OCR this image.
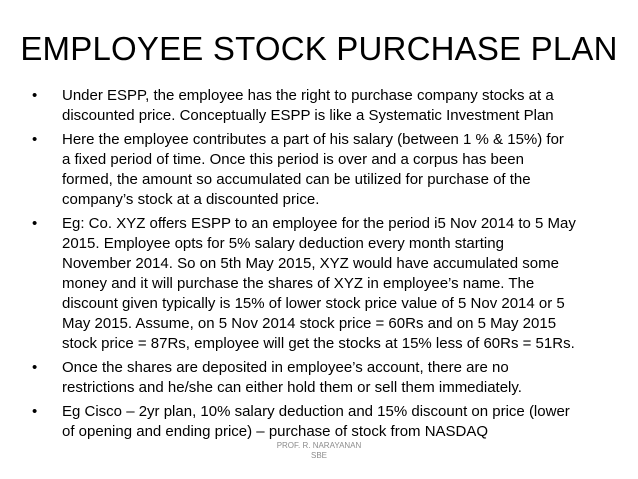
EMPLOYEE STOCK PURCHASE PLAN
• Under ESPP, the employee has the right to purchase company stocks at a
discounted price. Conceptually ESPP is like a Systematic Investment Plan
• Here the employee contributes a part of his salary (between 1 % & 15%) for
a fixed period of time. Once this period is over and a corpus has been
formed, the amount so accumulated can be utilized for purchase of the
company’s stock at a discounted price.
• Eg: Co. XYZ offers ESPP to an employee for the period i5 Nov 2014 to 5 May
2015. Employee opts for 5% salary deduction every month starting
November 2014. So on 5th May 2015, XYZ would have accumulated some
money and it will purchase the shares of XYZ in employee’s name. The
discount given typically is 15% of lower stock price value of 5 Nov 2014 or 5
May 2015. Assume, on 5 Nov 2014 stock price = 60Rs and on 5 May 2015
stock price = 87Rs, employee will get the stocks at 15% less of 60Rs = 51Rs.
• Once the shares are deposited in employee’s account, there are no
restrictions and he/she can either hold them or sell them immediately.
• Eg Cisco – 2yr plan, 10% salary deduction and 15% discount on price (lower
of opening and ending price) – purchase of stock from NASDAQ
PROF. R. NARAYANAN
SBE
